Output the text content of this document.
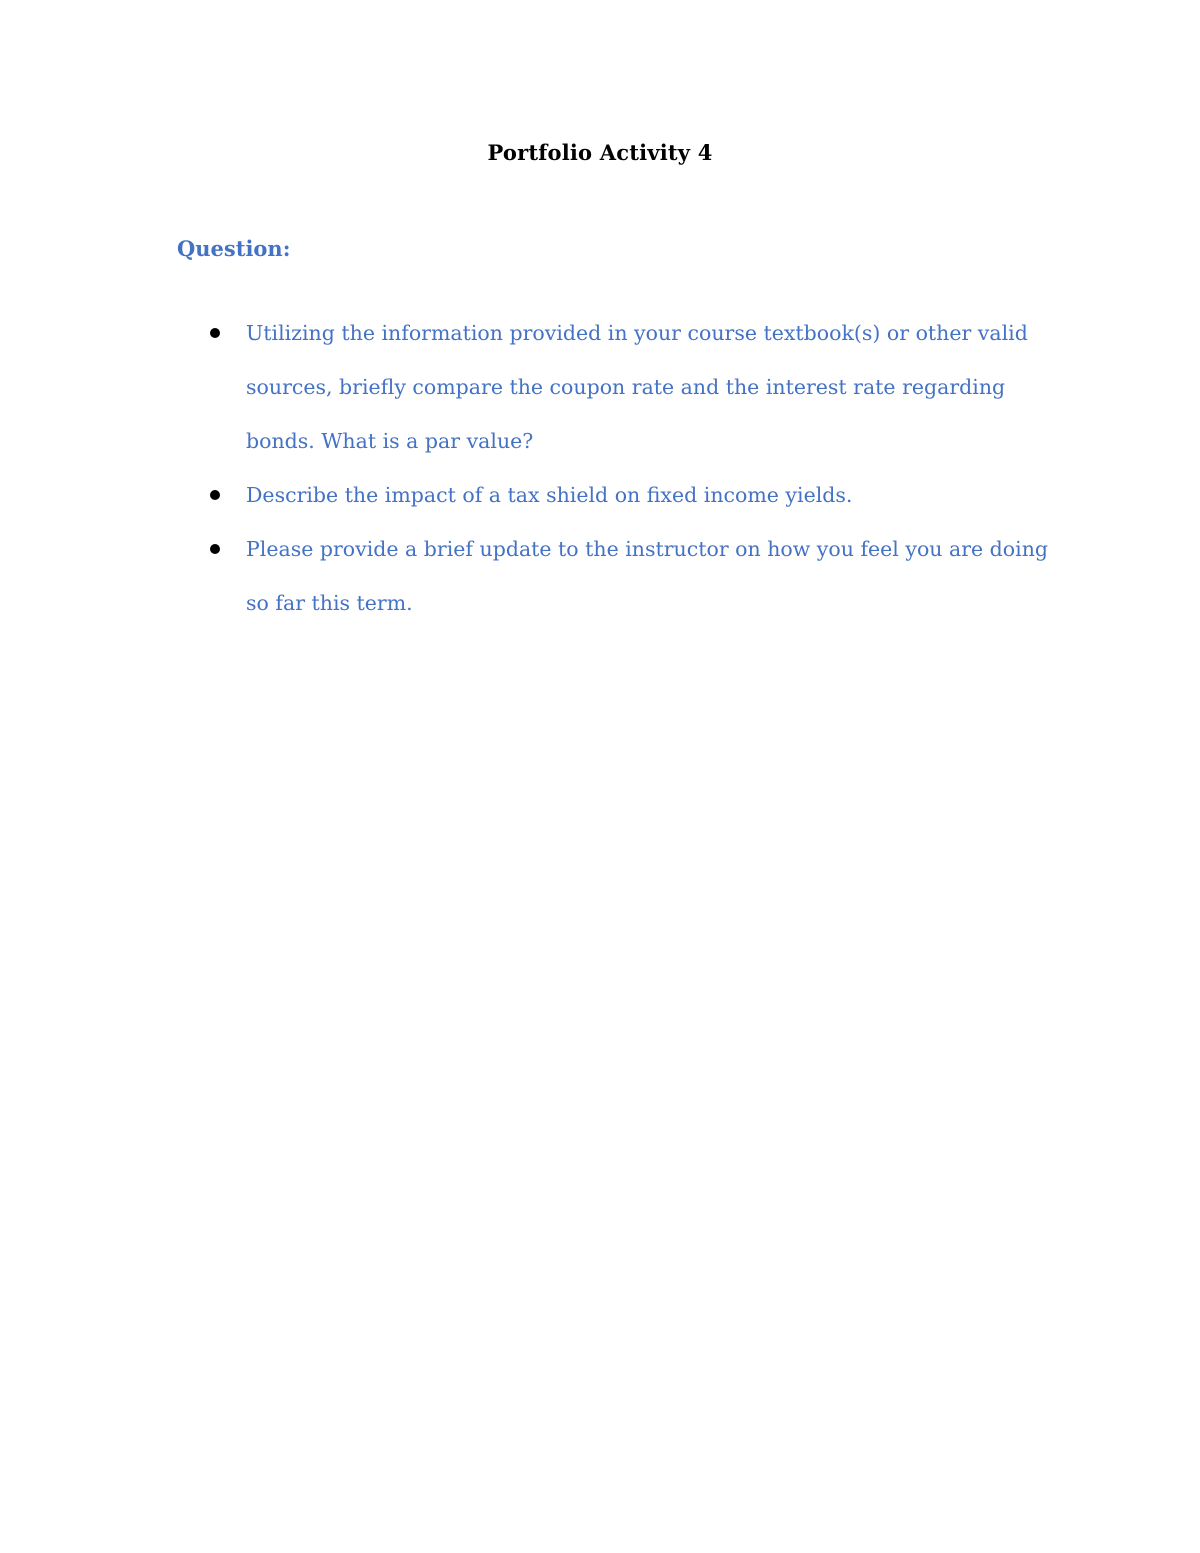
Portfolio Activity 4
Question:
Utilizing the information provided in your course textbook(s) or other valid sources, briefly compare the coupon rate and the interest rate regarding bonds. What is a par value?
Describe the impact of a tax shield on fixed income yields.
Please provide a brief update to the instructor on how you feel you are doing so far this term.
